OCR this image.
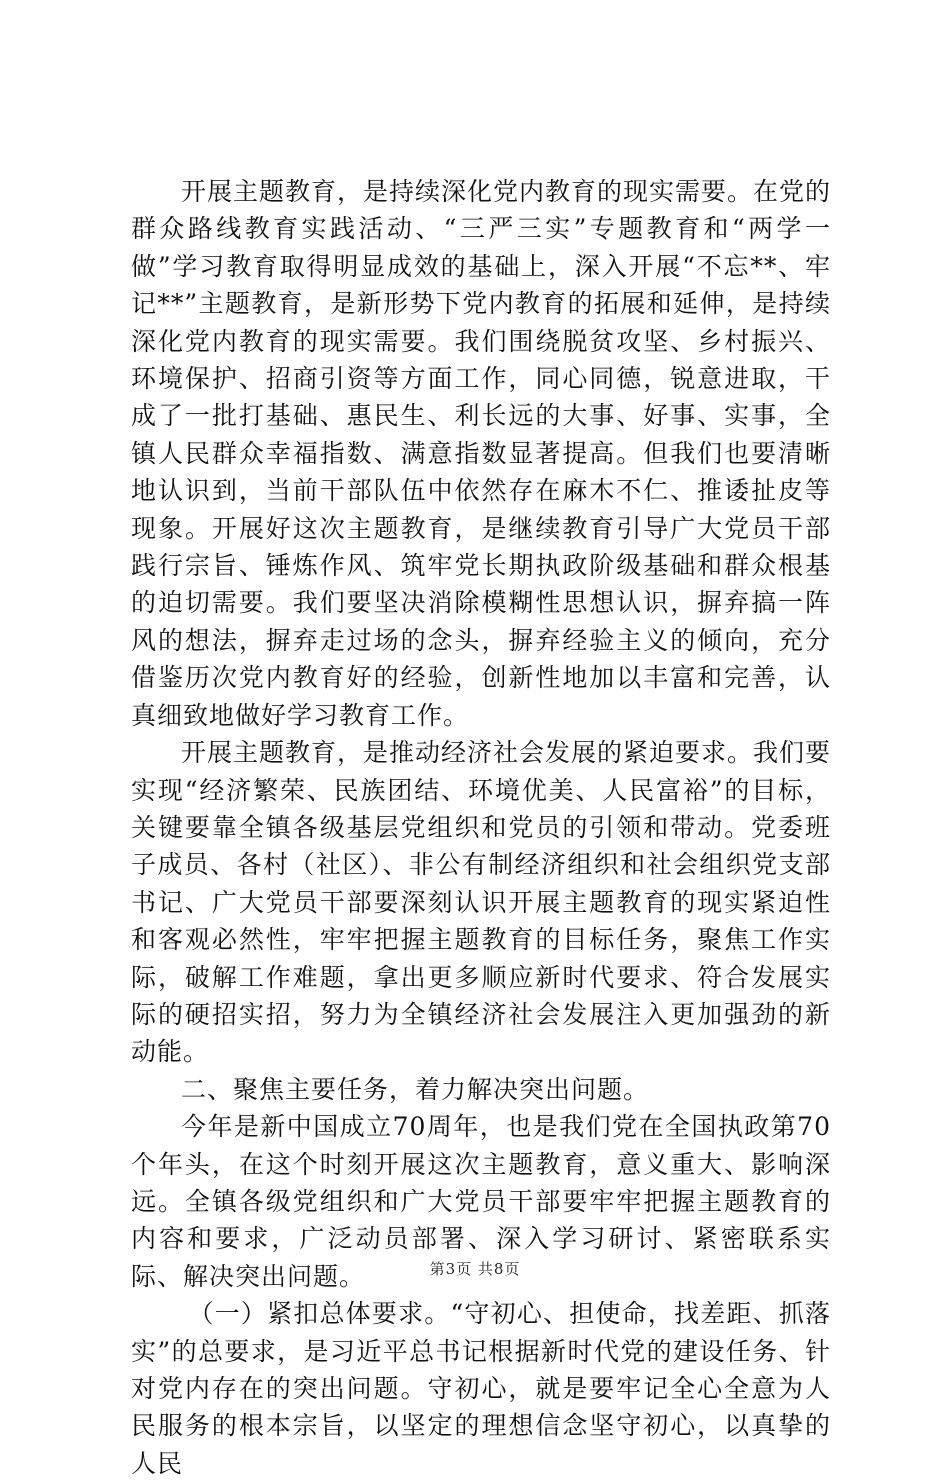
开展主题教育，是持续深化党内教育的现实需要。在党的群众路线教育实践活动、“三严三实”专题教育和“两学一做”学习教育取得明显成效的基础上，深入开展“不忘**、牢记**”主题教育，是新形势下党内教育的拓展和延伸，是持续深化党内教育的现实需要。我们围绕脱贫攻坚、乡村振兴、环境保护、招商引资等方面工作，同心同德，锐意进取，干成了一批打基础、惠民生、利长远的大事、好事、实事，全镇人民群众幸福指数、满意指数显著提高。但我们也要清晰地认识到，当前干部队伍中依然存在麻木不仁、推诿扯皮等现象。开展好这次主题教育，是继续教育引导广大党员干部践行宗旨、锤炼作风、筑牢党长期执政阶级基础和群众根基的迫切需要。我们要坚决消除模糊性思想认识，摒弃搞一阵风的想法，摒弃走过场的念头，摒弃经验主义的倾向，充分借鉴历次党内教育好的经验，创新性地加以丰富和完善，认真细致地做好学习教育工作。

开展主题教育，是推动经济社会发展的紧迫要求。我们要实现“经济繁荣、民族团结、环境优美、人民富裕”的目标，关键要靠全镇各级基层党组织和党员的引领和带动。党委班子成员、各村（社区）、非公有制经济组织和社会组织党支部书记、广大党员干部要深刻认识开展主题教育的现实紧迫性和客观必然性，牢牢把握主题教育的目标任务，聚焦工作实际，破解工作难题，拿出更多顺应新时代要求、符合发展实际的硬招实招，努力为全镇经济社会发展注入更加强劲的新动能。

二、聚焦主要任务，着力解决突出问题。

今年是新中国成立70周年，也是我们党在全国执政第70个年头，在这个时刻开展这次主题教育，意义重大、影响深远。全镇各级党组织和广大党员干部要牢牢把握主题教育的内容和要求，广泛动员部署、深入学习研讨、紧密联系实际、解决突出问题。

（一）紧扣总体要求。“守初心、担使命，找差距、抓落实”的总要求，是习近平总书记根据新时代党的建设任务、针对党内存在的突出问题。守初心，就是要牢记全心全意为人民服务的根本宗旨，以坚定的理想信念坚守初心，以真挚的人民

第3页 共8页
